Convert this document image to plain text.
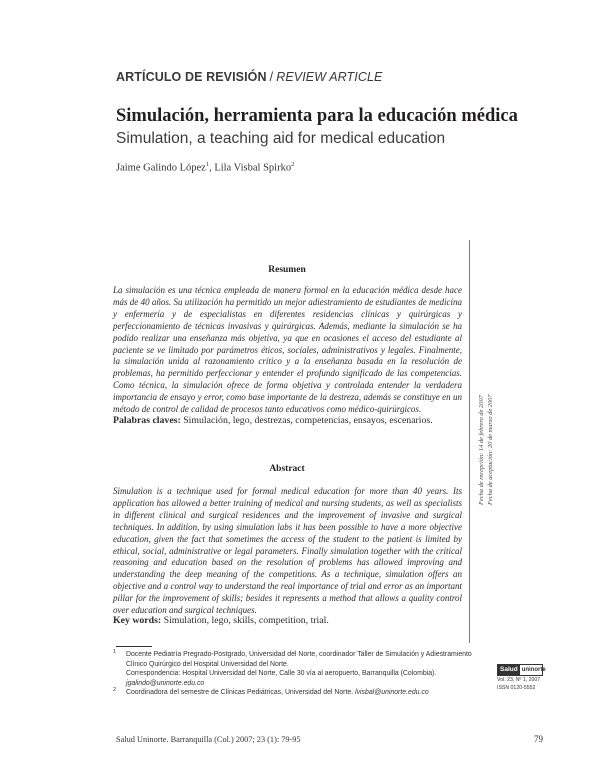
ARTÍCULO DE REVISIÓN / REVIEW ARTICLE
Simulación, herramienta para la educación médica
Simulation, a teaching aid for medical education
Jaime Galindo López$^1$, Lila Visbal Spirko$^2$
Fecha de recepción: 14 de febrero de 2007 Fecha de aceptación: 20 de marzo de 2007
Resumen
La simulación es una técnica empleada de manera formal en la educación médica desde hace más de 40 años. Su utilización ha permitido un mejor adiestramiento de estudiantes de medicina y enfermería y de especialistas en diferentes residencias clínicas y quirúrgicas y perfeccionamiento de técnicas invasivas y quirúrgicas. Además, mediante la simulación se ha podido realizar una enseñanza más objetiva, ya que en ocasiones el acceso del estudiante al paciente se ve limitado por parámetros éticos, sociales, administrativos y legales. Finalmente, la simulación unida al razonamiento crítico y a la enseñanza basada en la resolución de problemas, ha permitido perfeccionar y entender el profundo significado de las competencias. Como técnica, la simulación ofrece de forma objetiva y controlada entender la verdadera importancia de ensayo y error, como base importante de la destreza, además se constituye en un método de control de calidad de procesos tanto educativos como médico-quirúrgicos.
Palabras claves: Simulación, lego, destrezas, competencias, ensayos, escenarios.
Abstract
Simulation is a technique used for formal medical education for more than 40 years. Its application has allowed a better training of medical and nursing students, as well as specialists in different clinical and surgical residences and the improvement of invasive and surgical techniques. In addition, by using simulation labs it has been possible to have a more objective education, given the fact that sometimes the access of the student to the patient is limited by ethical, social, administrative or legal parameters. Finally simulation together with the critical reasoning and education based on the resolution of problems has allowed improving and understanding the deep meaning of the competitions. As a technique, simulation offers an objective and a control way to understand the real importance of trial and error as an important pillar for the improvement of skills; besides it represents a method that allows a quality control over education and surgical techniques.
Key words: Simulation, lego, skills, competition, trial.
1 Docente Pediatría Pregrado-Postgrado, Universidad del Norte, coordinador Taller de Simulación y Adiestramiento Clínico Quirúrgico del Hospital Universidad del Norte.
Correspondencia: Hospital Universidad del Norte, Calle 30 vía al aeropuerto, Barranquilla (Colombia).
jgalindo@uninorte.edu.co
2 Coordinadora del semestre de Clínicas Pediátricas, Universidad del Norte. lvisbal@uninorte.edu.co
Salud uninorte
Vol. 23, Nº 1, 2007
ISSN 0120-5552
Salud Uninorte. Barranquilla (Col.) 2007; 23 (1): 79-95	79
